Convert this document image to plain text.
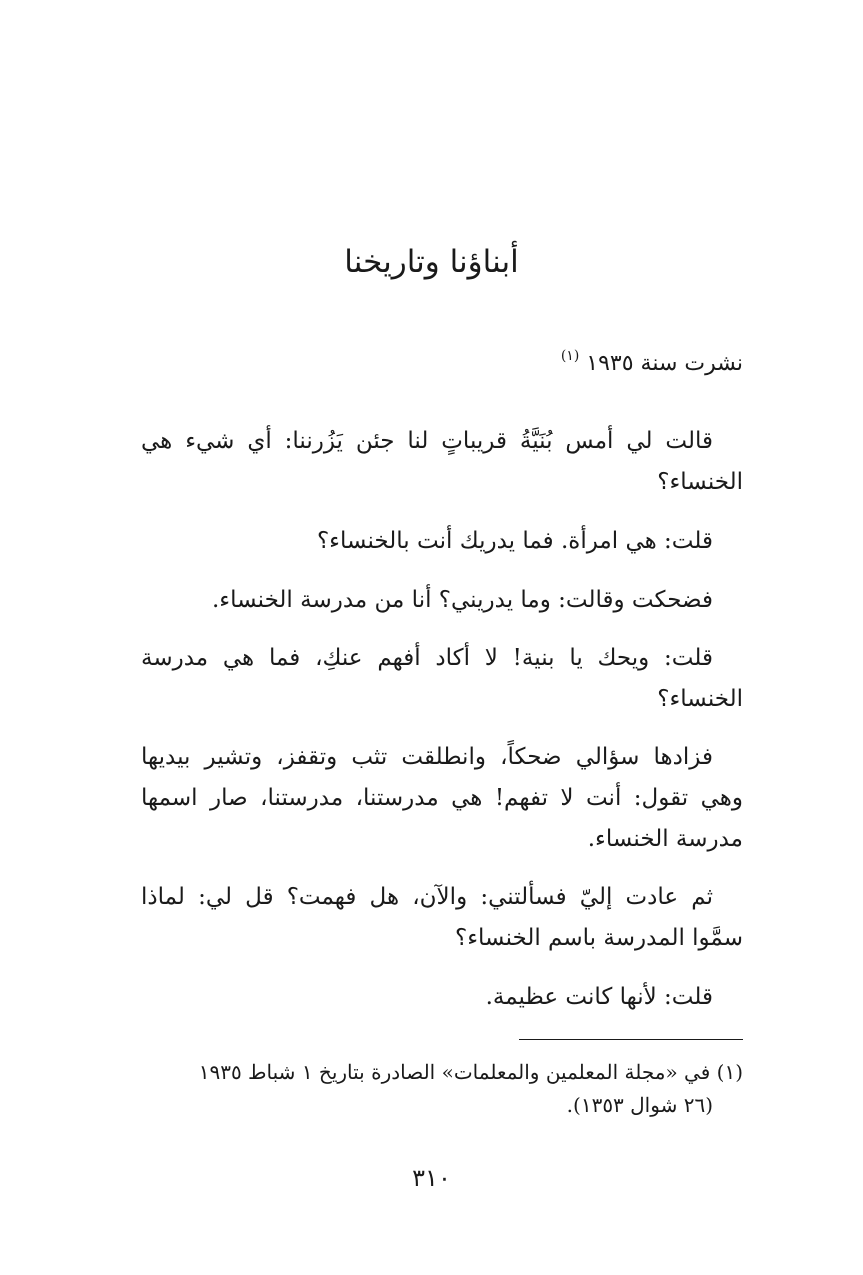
أبناؤنا وتاريخنا
نشرت سنة ١٩٣٥ $^{(١)}$

قالت لي أمس بُنَيَّةُ قريباتٍ لنا جئن يَزُرننا: أي شيء هي الخنساء؟

قلت: هي امرأة. فما يدريك أنت بالخنساء؟

فضحكت وقالت: وما يدريني؟ أنا من مدرسة الخنساء.

قلت: ويحك يا بنية! لا أكاد أفهم عنكِ، فما هي مدرسة الخنساء؟

فزادها سؤالي ضحكاً، وانطلقت تثب وتقفز، وتشير بيديها وهي تقول: أنت لا تفهم! هي مدرستنا، مدرستنا، صار اسمها مدرسة الخنساء.

ثم عادت إليّ فسألتني: والآن، هل فهمت؟ قل لي: لماذا سمَّوا المدرسة باسم الخنساء؟

قلت: لأنها كانت عظيمة.

(١) في «مجلة المعلمين والمعلمات» الصادرة بتاريخ ١ شباط ١٩٣٥
(٢٦ شوال ١٣٥٣).
٣١٠
